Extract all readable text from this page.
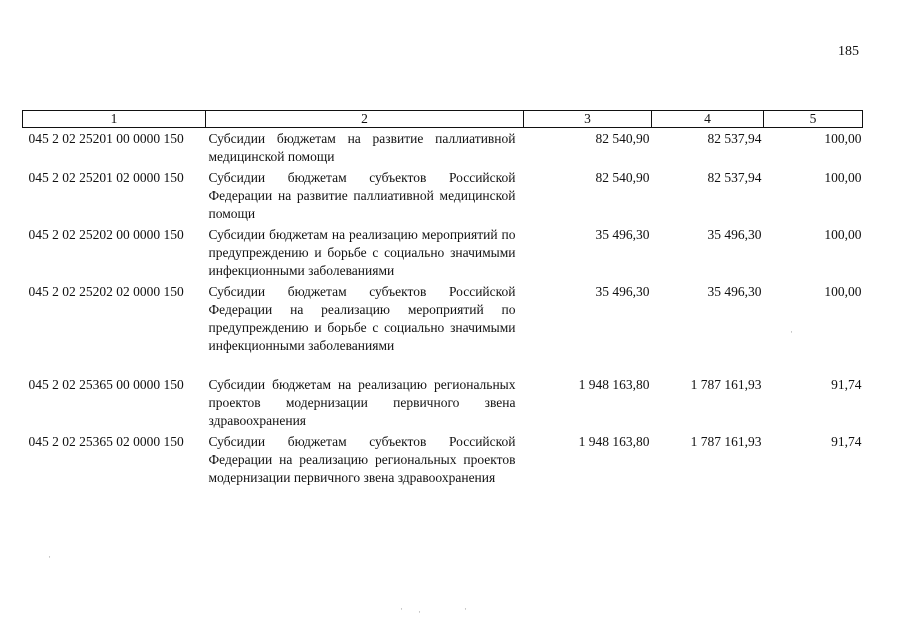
185
1	2	3	4	5
045 2 02 25201 00 0000 150	Субсидии бюджетам на развитие паллиативной медицинской помощи	82 540,90	82 537,94	100,00
045 2 02 25201 02 0000 150	Субсидии бюджетам субъектов Российской Федерации на развитие паллиативной медицинской помощи	82 540,90	82 537,94	100,00
045 2 02 25202 00 0000 150	Субсидии бюджетам на реализацию мероприятий по предупреждению и борьбе с социально значимыми инфекционными заболеваниями	35 496,30	35 496,30	100,00
045 2 02 25202 02 0000 150	Субсидии бюджетам субъектов Российской Федерации на реализацию мероприятий по предупреждению и борьбе с социально значимыми инфекционными заболеваниями	35 496,30	35 496,30	100,00
045 2 02 25365 00 0000 150	Субсидии бюджетам на реализацию региональных проектов модернизации первичного звена здравоохранения	1 948 163,80	1 787 161,93	91,74
045 2 02 25365 02 0000 150	Субсидии бюджетам субъектов Российской Федерации на реализацию региональных проектов модернизации первичного звена здравоохранения	1 948 163,80	1 787 161,93	91,74
·
· ·	·
·
